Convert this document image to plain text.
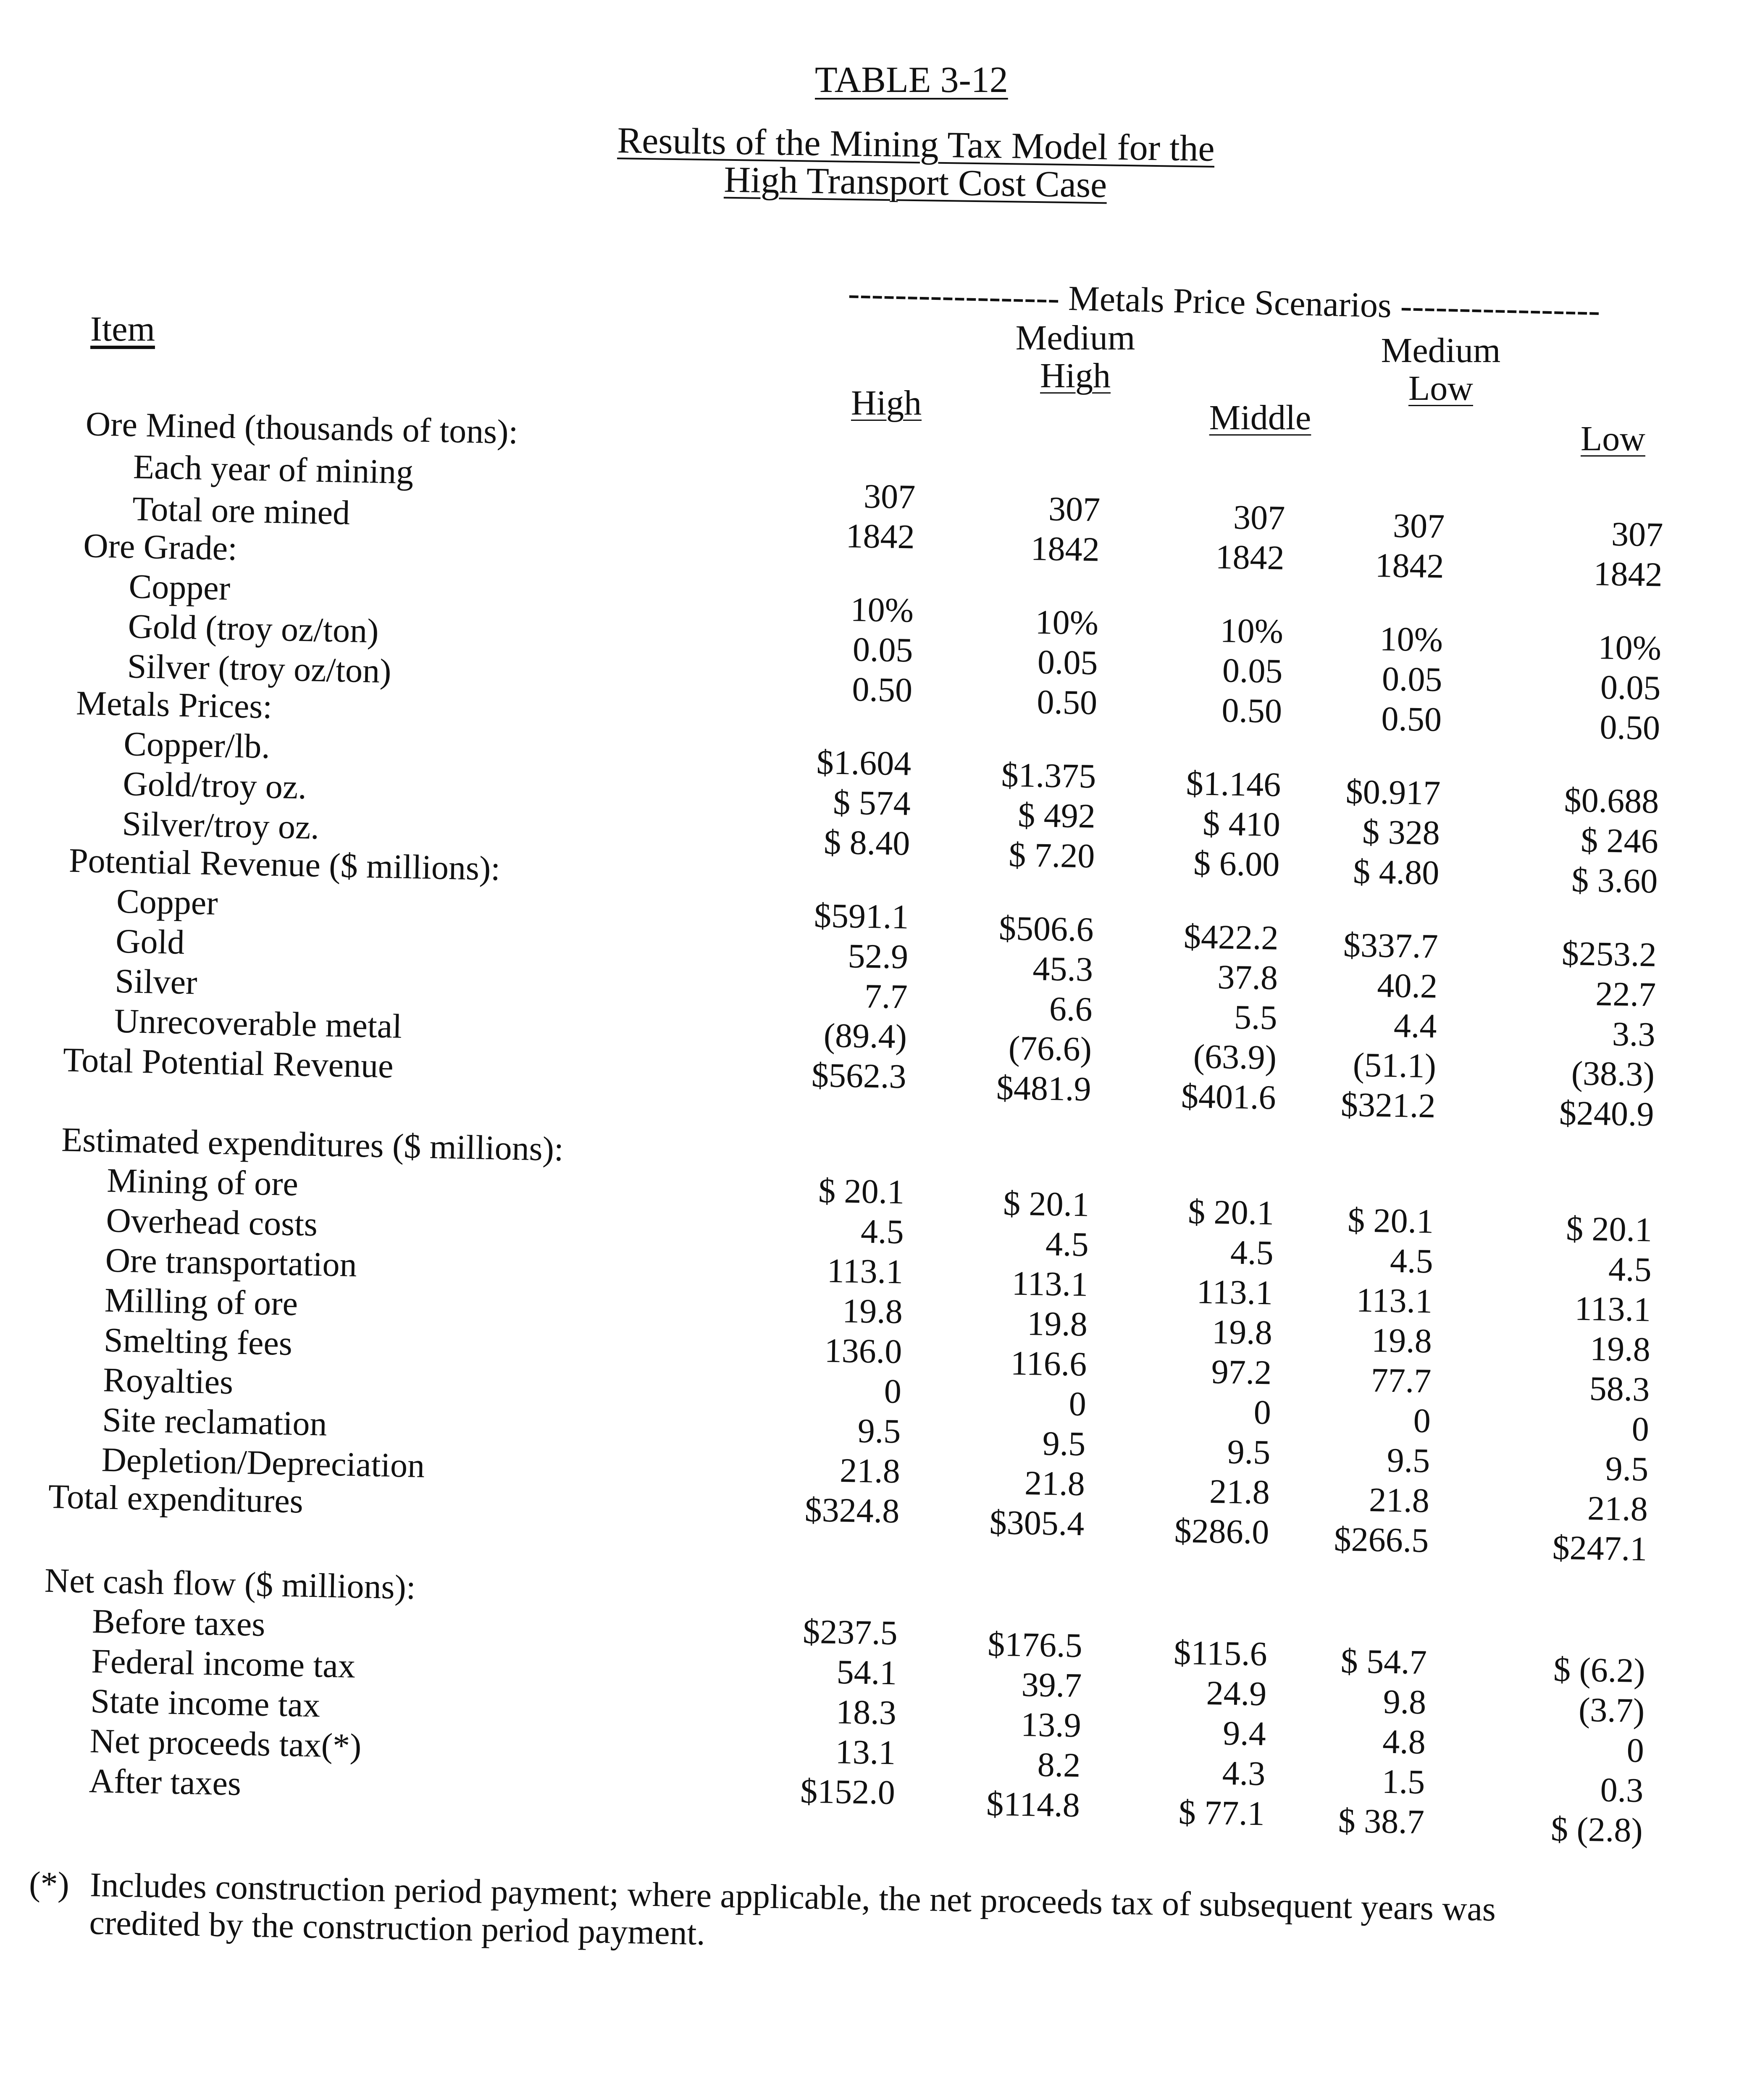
TABLE 3-12
Results of the Mining Tax Model for the
High Transport Cost Case
------------------ Metals Price Scenarios -----------------
Item

High
Medium
High

Middle
Medium
Low

Low
Ore Mined (thousands of tons):
Each year of mining
Total ore mined
Ore Grade:
Copper
Gold (troy oz/ton)
Silver (troy oz/ton)
Metals Prices:
Copper/lb.
Gold/troy oz.
Silver/troy oz.
Potential Revenue ($ millions):
Copper
Gold
Silver
Unrecoverable metal
Total Potential Revenue
Estimated expenditures ($ millions):
Mining of ore
Overhead costs
Ore transportation
Milling of ore
Smelting fees
Royalties
Site reclamation
Depletion/Depreciation
Total expenditures
Net cash flow ($ millions):
Before taxes
Federal income tax
State income tax
Net proceeds tax(*)
After taxes
307
1842
10%
0.05
0.50
$1.604
$ 574
$ 8.40
$591.1
52.9
7.7
(89.4)
$562.3
$ 20.1
4.5
113.1
19.8
136.0
0
9.5
21.8
$324.8
$237.5
54.1
18.3
13.1
$152.0
307
1842
10%
0.05
0.50
$1.375
$ 492
$ 7.20
$506.6
45.3
6.6
(76.6)
$481.9
$ 20.1
4.5
113.1
19.8
116.6
0
9.5
21.8
$305.4
$176.5
39.7
13.9
8.2
$114.8
307
1842
10%
0.05
0.50
$1.146
$ 410
$ 6.00
$422.2
37.8
5.5
(63.9)
$401.6
$ 20.1
4.5
113.1
19.8
97.2
0
9.5
21.8
$286.0
$115.6
24.9
9.4
4.3
$ 77.1
307
1842
10%
0.05
0.50
$0.917
$ 328
$ 4.80
$337.7
40.2
4.4
(51.1)
$321.2
$ 20.1
4.5
113.1
19.8
77.7
0
9.5
21.8
$266.5
$ 54.7
9.8
4.8
1.5
$ 38.7
307
1842
10%
0.05
0.50
$0.688
$ 246
$ 3.60
$253.2
22.7
3.3
(38.3)
$240.9
$ 20.1
4.5
113.1
19.8
58.3
0
9.5
21.8
$247.1
$ (6.2)
(3.7)
0
0.3
$ (2.8)
(*) Includes construction period payment; where applicable, the net proceeds tax of subsequent years was credited by the construction period payment.
